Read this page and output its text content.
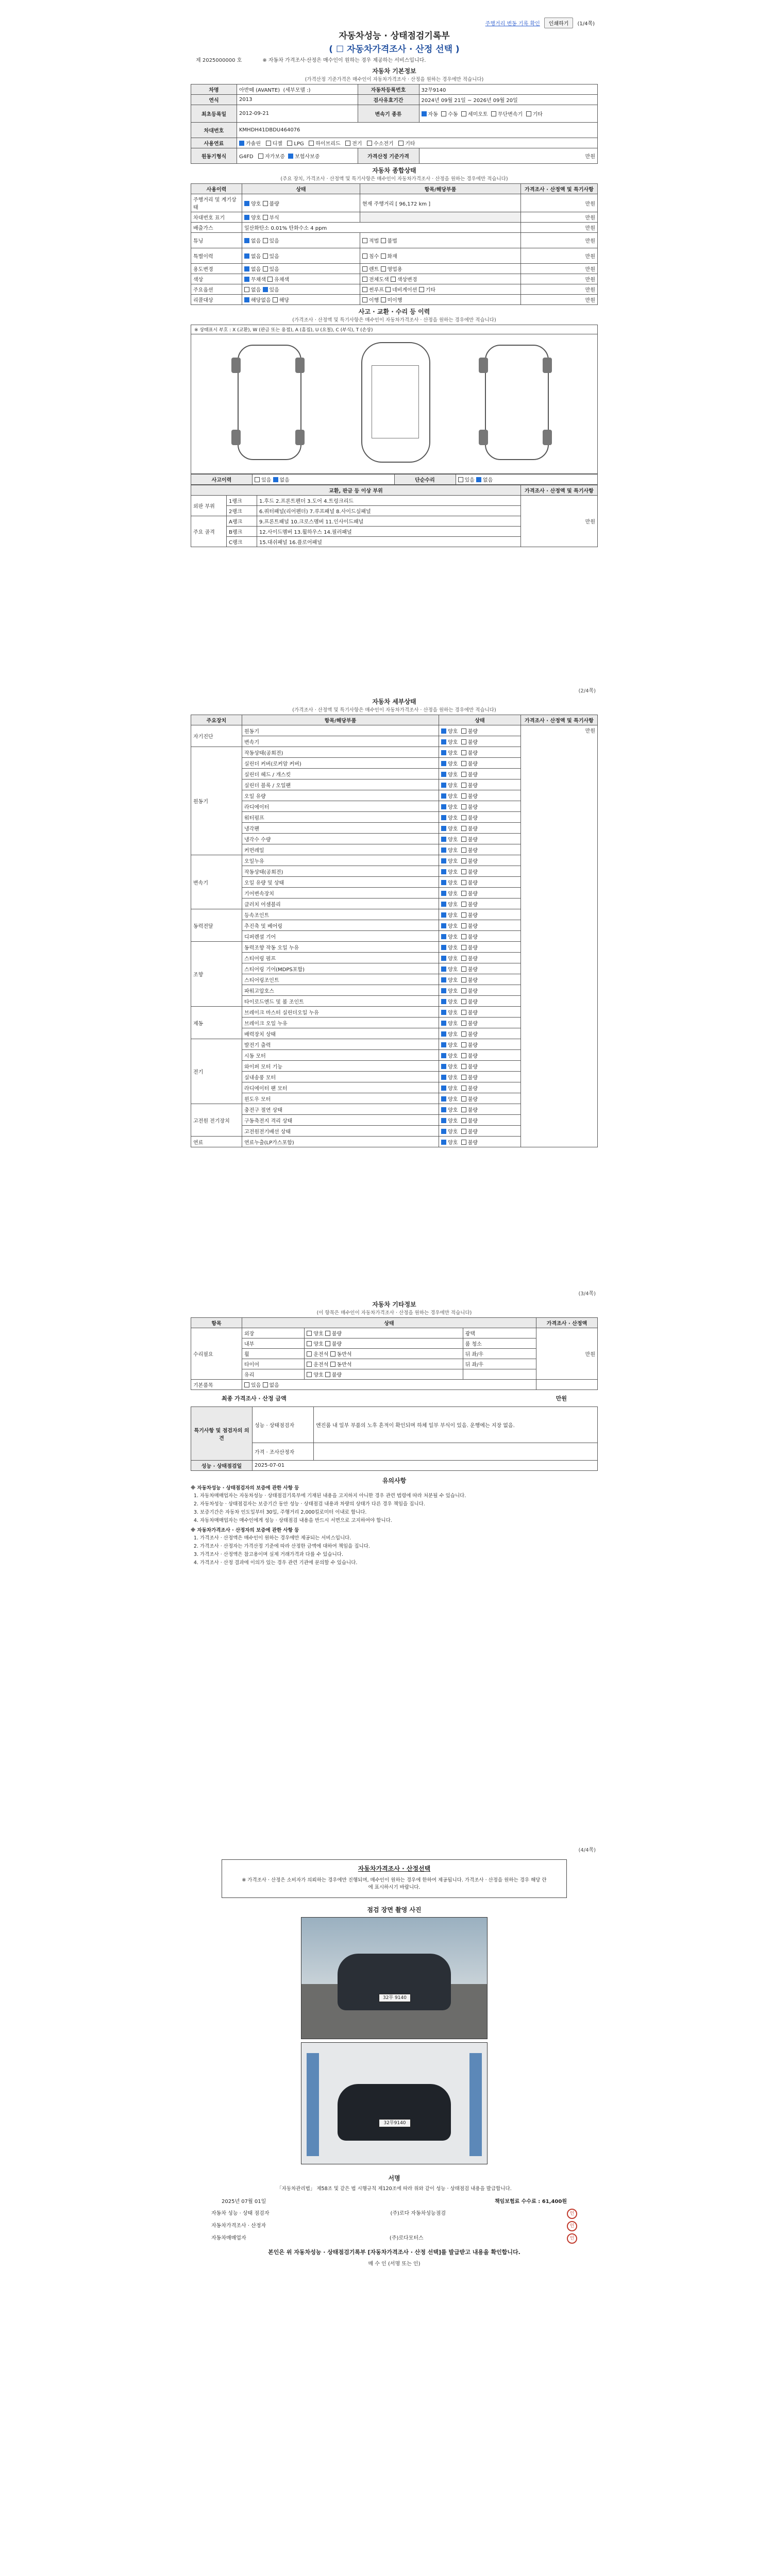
주행거리 변동 기록 확인	인쇄하기	(1/4쪽)
자동차성능 · 상태점검기록부
( ☐ 자동차가격조사 · 산정 선택 )
제 2025000000 호	※ 자동차 가격조사·산정은 매수인이 원하는 경우 제공하는 서비스입니다.
자동차 기본정보
(가격산정 기준가격은 매수인이 자동차가격조사 · 산정을 원하는 경우에만 적습니다)
차명	아반떼 (AVANTE) (세부모델 :)	자동차등록번호	32무9140
연식	2013	검사유효기간	2024년 09월 21일 ~ 2026년 09월 20일
최초등록일	2012-09-21	변속기 종류	자동 수동 세미오토 무단변속기 기타
차대번호	KMHDH41DBDU464076		
사용연료	가솔린 디젤 LPG 하이브리드 전기 수소전기 기타		
원동기형식	G4FD 자가보증 보험사보증	가격산정 기준가격	만원
자동차 종합상태
(주요 장치, 가격조사 · 산정액 및 특기사항은 매수인이 자동차가격조사 · 산정을 원하는 경우에만 적습니다)
사용이력	상태	항목/해당부품	가격조사 · 산정액 및 특기사항
주행거리 및 계기상태	양호 불량	현재 주행거리 [ 96,172 km ]	만원
차대번호 표기	양호 부식		만원
배출가스	일산화탄소 0.01% 탄화수소 4 ppm		만원
튜닝	없음 있음	적법 불법	만원
특별이력	없음 있음	침수 화재	만원
용도변경	없음 있음	렌트 영업용	만원
색상	무채색 유채색	전체도색 색상변경	만원
주요옵션	없음 있음	썬루프 네비게이션 기타	만원
리콜대상	해당없음 해당	이행 미이행	만원
사고 · 교환 · 수리 등 이력
(가격조사 · 산정액 및 특기사항은 매수인이 자동차가격조사 · 산정을 원하는 경우에만 적습니다)
※ 상태표시 부호 : X (교환), W (판금 또는 용접), A (흠집), U (요철), C (부식), T (손상)
사고이력	있음 없음	단순수리	있음 없음
교환, 판금 등 이상 부위			가격조사 · 산정액 및 특기사항
외판 부위	1랭크	1.후드 2.프론트펜더 3.도어 4.트렁크리드	만원
	2랭크	6.쿼터패널(리어펜더) 7.루프패널 8.사이드실패널	
주요 골격	A랭크	9.프론트패널 10.크로스멤버 11.인사이드패널	
	B랭크	12.사이드멤버 13.휠하우스 14.필러패널	
	C랭크	15.대쉬패널 16.플로어패널	
(2/4쪽)
자동차 세부상태
(가격조사 · 산정액 및 특기사항은 매수인이 자동차가격조사 · 산정을 원하는 경우에만 적습니다)
주요장치	항목/해당부품	상태	가격조사 · 산정액 및 특기사항
자기진단	원동기	양호 불량	만원
	변속기	양호 불량	
원동기	작동상태(공회전)	양호 불량	
	실린더 커버(로커암 커버)	양호 불량	
	실린더 헤드 / 개스킷	양호 불량	
	실린더 블록 / 오일팬	양호 불량	
	오일 유량	양호 불량	
	라디에이터	양호 불량	
	워터펌프	양호 불량	
	냉각팬	양호 불량	
	냉각수 수량	양호 불량	
	커먼레일	양호 불량	
변속기	오일누유	양호 불량	
	작동상태(공회전)	양호 불량	
	오일 유량 및 상태	양호 불량	
	기어변속장치	양호 불량	
	클러치 어셈블리	양호 불량	
동력전달	등속조인트	양호 불량	
	추진축 및 베어링	양호 불량	
	디퍼렌셜 기어	양호 불량	
조향	동력조향 작동 오일 누유	양호 불량	
	스티어링 펌프	양호 불량	
	스티어링 기어(MDPS포함)	양호 불량	
	스티어링조인트	양호 불량	
	파워고압호스	양호 불량	
	타이로드엔드 및 볼 조인트	양호 불량	
제동	브레이크 마스터 실린더오일 누유	양호 불량	
	브레이크 오일 누유	양호 불량	
	배력장치 상태	양호 불량	
전기	발전기 출력	양호 불량	
	시동 모터	양호 불량	
	와이퍼 모터 기능	양호 불량	
	실내송풍 모터	양호 불량	
	라디에이터 팬 모터	양호 불량	
	윈도우 모터	양호 불량	
고전원 전기장치	충전구 절연 상태	양호 불량	
	구동축전지 격리 상태	양호 불량	
	고전원전기배선 상태	양호 불량	
연료	연료누출(LP가스포함)	양호 불량	
(3/4쪽)
자동차 기타정보
(이 항목은 매수인이 자동차가격조사 · 산정을 원하는 경우에만 적습니다)
항목	상태			가격조사 · 산정액
수리필요	외장	양호 불량	광택	만원
	내부	양호 불량	룸 청소	
	휠	운전석 동반석	뒤 좌/우	
	타이어	운전석 동반석	뒤 좌/우	
	유리	양호 불량		
기본품목	있음 없음			
최종 가격조사 · 산정 금액	만원
특기사항 및 점검자의 의견	성능 · 상태점검자	엔진룸 내 일부 부품의 노후 흔적이 확인되며 하체 일부 부식이 있음. 운행에는 지장 없음.
	가격 · 조사산정자	
성능 · 상태점검일	2025-07-01	
유의사항
※ 자동차성능 · 상태점검자의 보증에 관한 사항 등
1. 자동차매매업자는 자동차성능 · 상태점검기록부에 기재된 내용을 고지하지 아니한 경우 관련 법령에 따라 처분될 수 있습니다.
2. 자동차성능 · 상태점검자는 보증기간 동안 성능 · 상태점검 내용과 차량의 상태가 다른 경우 책임을 집니다.
3. 보증기간은 자동차 인도일부터 30일, 주행거리 2,000킬로미터 이내로 합니다.
4. 자동차매매업자는 매수인에게 성능 · 상태점검 내용을 반드시 서면으로 고지하여야 합니다.
※ 자동차가격조사 · 산정자의 보증에 관한 사항 등
1. 가격조사 · 산정액은 매수인이 원하는 경우에만 제공되는 서비스입니다.
2. 가격조사 · 산정자는 가격산정 기준에 따라 산정한 금액에 대하여 책임을 집니다.
3. 가격조사 · 산정액은 참고용이며 실제 거래가격과 다를 수 있습니다.
4. 가격조사 · 산정 결과에 이의가 있는 경우 관련 기관에 문의할 수 있습니다.
(4/4쪽)
자동차가격조사 · 산정선택
※ 가격조사 · 산정은 소비자가 의뢰하는 경우에만 진행되며, 매수인이 원하는 경우에 한하여 제공됩니다. 가격조사 · 산정을 원하는 경우 해당 란에 표시하시기 바랍니다.
점검 장면 촬영 사진
32무 9140
32무9140
서명
「자동차관리법」 제58조 및 같은 법 시행규칙 제120조에 따라 위와 같이 성능 · 상태점검 내용을 발급합니다.
2025년 07월 01일	책임보험료 수수료 : 61,400원
자동차 성능 · 상태 점검자	(주)로다 자동차성능점검	인
자동차가격조사 · 산정자	인
자동차매매업자	(주)로다모터스	인
본인은 위 자동차성능 · 상태점검기록부 [자동차가격조사 · 산정 선택]를 발급받고 내용을 확인합니다.
매 수 인 (서명 또는 인)
